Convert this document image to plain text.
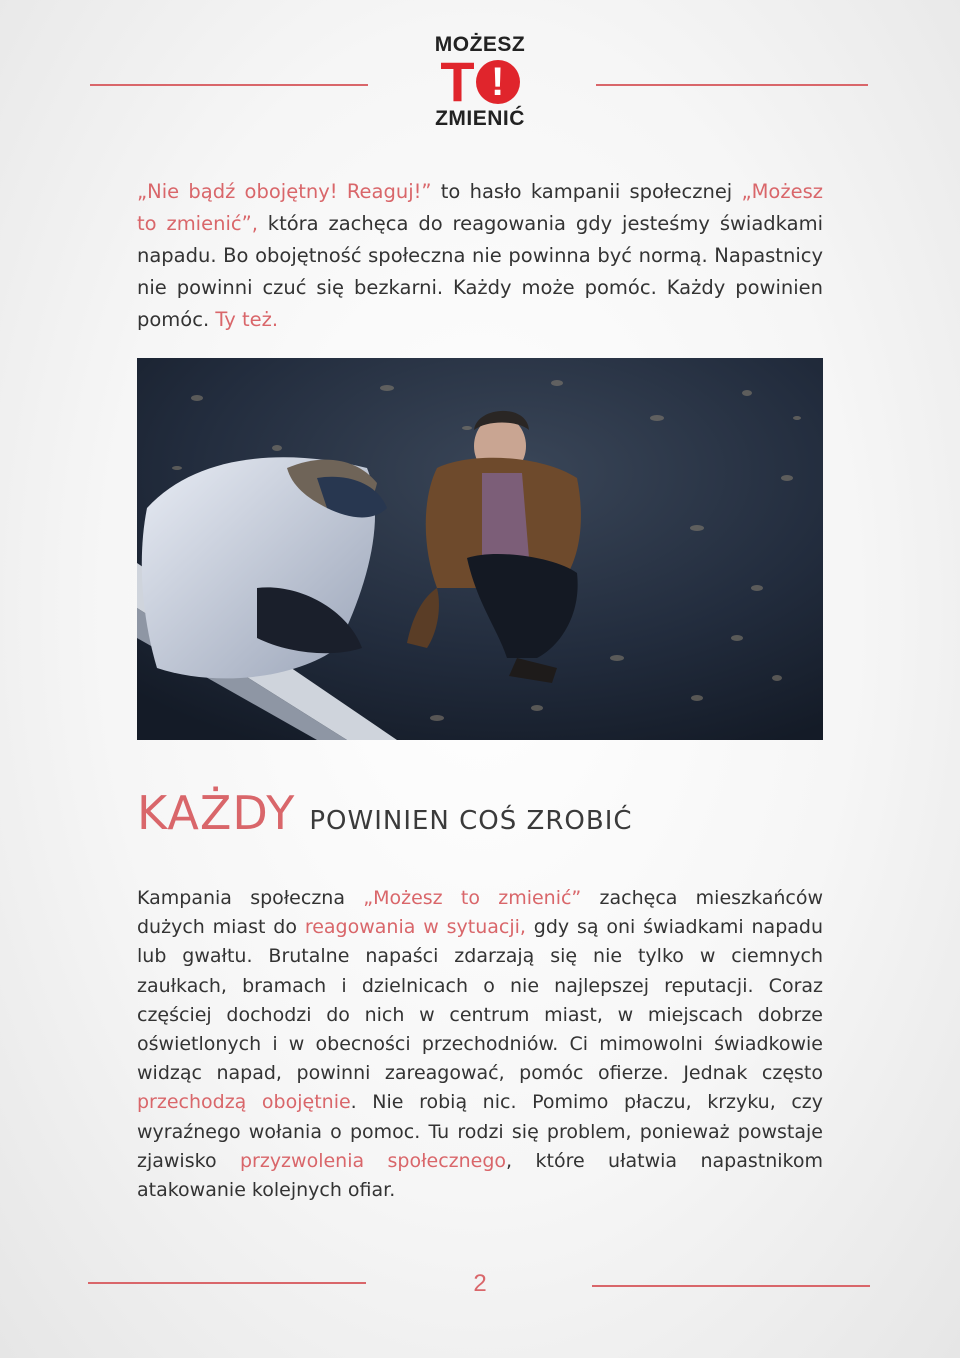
MOŻESZ
T !
ZMIENIĆ

„Nie bądź obojętny! Reaguj!” to hasło kampanii społecznej „Możesz to zmienić”, która zachęca do reagowania gdy jesteśmy świadkami napadu. Bo obojętność społeczna nie powinna być normą. Napastnicy nie powinni czuć się bezkarni. Każdy może pomóc. Każdy powinien pomóc. Ty też.

KAŻDY POWINIEN COŚ ZROBIĆ

Kampania społeczna „Możesz to zmienić” zachęca mieszkańców dużych miast do reagowania w sytuacji, gdy są oni świadkami napadu lub gwałtu. Brutalne napaści zdarzają się nie tylko w ciemnych zaułkach, bramach i dzielnicach o nie najlepszej reputacji. Coraz częściej dochodzi do nich w centrum miast, w miejscach dobrze oświetlonych i w obecności przechodniów. Ci mimowolni świadkowie widząc napad, powinni zareagować, pomóc ofierze. Jednak często przechodzą obojętnie. Nie robią nic. Pomimo płaczu, krzyku, czy wyraźnego wołania o pomoc. Tu rodzi się problem, ponieważ powstaje zjawisko przyzwolenia społecznego, które ułatwia napastnikom atakowanie kolejnych ofiar.

2
